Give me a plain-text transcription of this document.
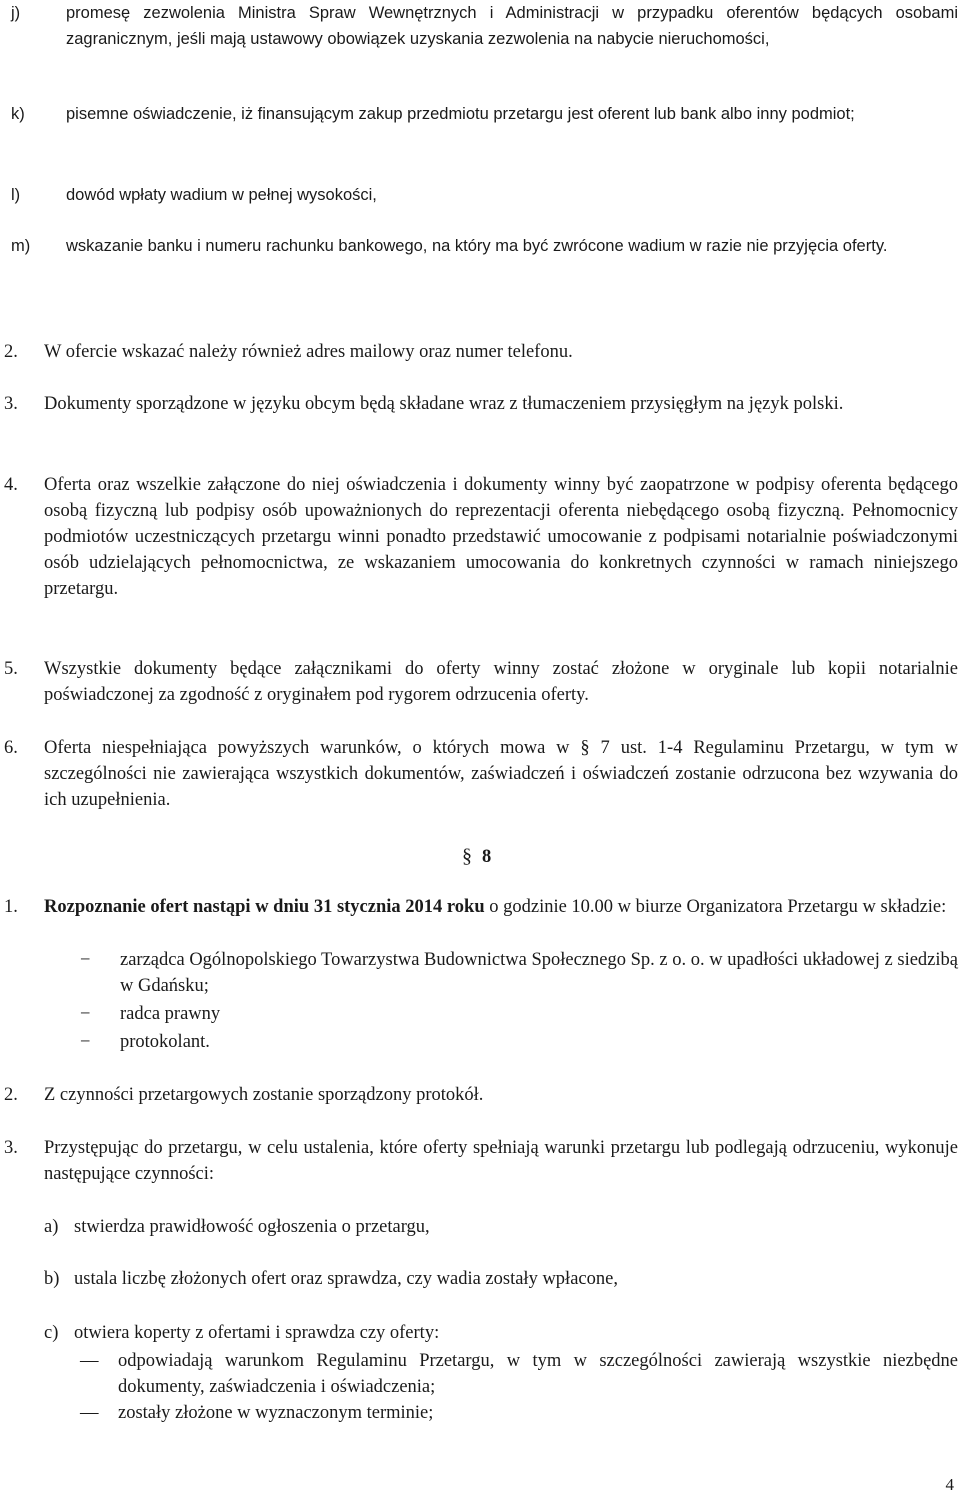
j)	promesę zezwolenia Ministra Spraw Wewnętrznych i Administracji w przypadku oferentów będących osobami zagranicznym, jeśli mają ustawowy obowiązek uzyskania zezwolenia na nabycie nieruchomości,
k)	pisemne oświadczenie, iż finansującym zakup przedmiotu przetargu jest oferent lub bank albo inny podmiot;
l)	dowód wpłaty wadium w pełnej wysokości,
m)	wskazanie banku i numeru rachunku bankowego, na który ma być zwrócone wadium w razie nie przyjęcia oferty.
2.	W ofercie wskazać należy również adres mailowy oraz numer telefonu.
3.	Dokumenty sporządzone w języku obcym będą składane wraz z tłumaczeniem przysięgłym na język polski.
4.	Oferta oraz wszelkie załączone do niej oświadczenia i dokumenty winny być zaopatrzone w podpisy oferenta będącego osobą fizyczną lub podpisy osób upoważnionych do reprezentacji oferenta niebędącego osobą fizyczną. Pełnomocnicy podmiotów uczestniczących przetargu winni ponadto przedstawić umocowanie z podpisami notarialnie poświadczonymi osób udzielających pełnomocnictwa, ze wskazaniem umocowania do konkretnych czynności w ramach niniejszego przetargu.
5.	Wszystkie dokumenty będące załącznikami do oferty winny zostać złożone w oryginale lub kopii notarialnie poświadczonej za zgodność z oryginałem pod rygorem odrzucenia oferty.
6.	Oferta niespełniająca powyższych warunków, o których mowa w § 7 ust. 1-4 Regulaminu Przetargu, w tym w szczególności nie zawierająca wszystkich dokumentów, zaświadczeń i oświadczeń zostanie odrzucona bez wzywania do ich uzupełnienia.
§ 8
1.	Rozpoznanie ofert nastąpi w dniu 31 stycznia 2014 roku o godzinie 10.00 w biurze Organizatora Przetargu w składzie:
−	zarządca Ogólnopolskiego Towarzystwa Budownictwa Społecznego Sp. z o. o. w upadłości układowej z siedzibą w Gdańsku;
−	radca prawny
−	protokolant.
2.	Z czynności przetargowych zostanie sporządzony protokół.
3.	Przystępując do przetargu, w celu ustalenia, które oferty spełniają warunki przetargu lub podlegają odrzuceniu, wykonuje następujące czynności:
a) stwierdza prawidłowość ogłoszenia o przetargu,
b) ustala liczbę złożonych ofert oraz sprawdza, czy wadia zostały wpłacone,
c) otwiera koperty z ofertami i sprawdza czy oferty:
—	odpowiadają warunkom Regulaminu Przetargu, w tym w szczególności zawierają wszystkie niezbędne dokumenty, zaświadczenia i oświadczenia;
—	zostały złożone w wyznaczonym terminie;
4
